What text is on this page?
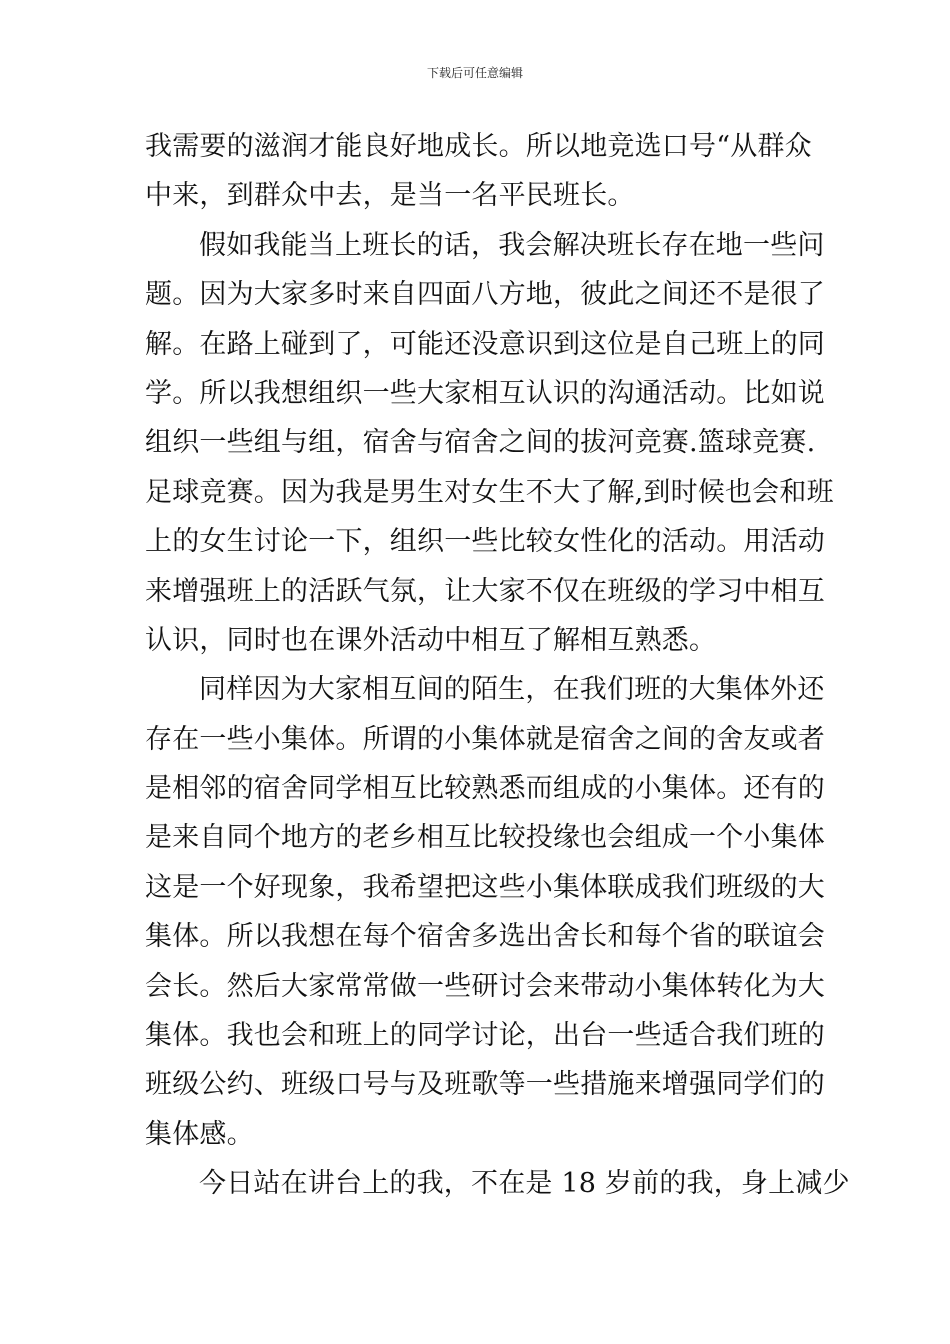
下载后可任意编辑
我需要的滋润才能良好地成长。所以地竞选口号“从群众
中来，到群众中去，是当一名平民班长。
假如我能当上班长的话，我会解决班长存在地一些问
题。因为大家多时来自四面八方地，彼此之间还不是很了
解。在路上碰到了，可能还没意识到这位是自己班上的同
学。所以我想组织一些大家相互认识的沟通活动。比如说
组织一些组与组，宿舍与宿舍之间的拔河竞赛.篮球竞赛.
足球竞赛。因为我是男生对女生不大了解,到时候也会和班
上的女生讨论一下，组织一些比较女性化的活动。用活动
来增强班上的活跃气氛，让大家不仅在班级的学习中相互
认识，同时也在课外活动中相互了解相互熟悉。
同样因为大家相互间的陌生，在我们班的大集体外还
存在一些小集体。所谓的小集体就是宿舍之间的舍友或者
是相邻的宿舍同学相互比较熟悉而组成的小集体。还有的
是来自同个地方的老乡相互比较投缘也会组成一个小集体
这是一个好现象，我希望把这些小集体联成我们班级的大
集体。所以我想在每个宿舍多选出舍长和每个省的联谊会
会长。然后大家常常做一些研讨会来带动小集体转化为大
集体。我也会和班上的同学讨论，出台一些适合我们班的
班级公约、班级口号与及班歌等一些措施来增强同学们的
集体感。
今日站在讲台上的我，不在是 18 岁前的我，身上减少
